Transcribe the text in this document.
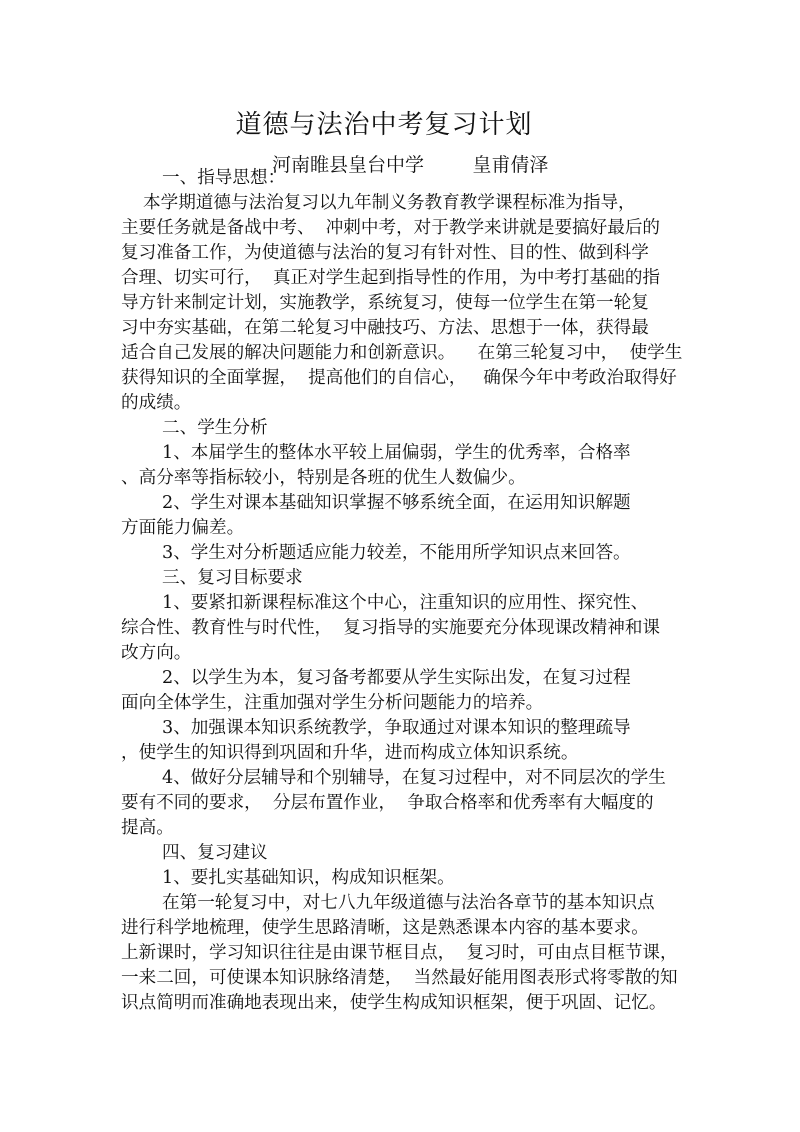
道德与法治中考复习计划
河南睢县皇台中学        皇甫倩泽
一、指导思想：
本学期道德与法治复习以九年制义务教育教学课程标准为指导，
主要任务就是备战中考、  冲刺中考，对于教学来讲就是要搞好最后的
复习准备工作，为使道德与法治的复习有针对性、目的性、做到科学
合理、切实可行，  真正对学生起到指导性的作用，为中考打基础的指
导方针来制定计划，实施教学，系统复习，使每一位学生在第一轮复
习中夯实基础，在第二轮复习中融技巧、方法、思想于一体，获得最
适合自己发展的解决问题能力和创新意识。    在第三轮复习中，  使学生
获得知识的全面掌握，  提高他们的自信心，   确保今年中考政治取得好
的成绩。
二、学生分析
1、本届学生的整体水平较上届偏弱，学生的优秀率，合格率
、高分率等指标较小，特别是各班的优生人数偏少。
2、学生对课本基础知识掌握不够系统全面，在运用知识解题
方面能力偏差。
3、学生对分析题适应能力较差，不能用所学知识点来回答。
三、复习目标要求
1、要紧扣新课程标准这个中心，注重知识的应用性、探究性、
综合性、教育性与时代性，  复习指导的实施要充分体现课改精神和课
改方向。
2、以学生为本，复习备考都要从学生实际出发，在复习过程
面向全体学生，注重加强对学生分析问题能力的培养。
3、加强课本知识系统教学，争取通过对课本知识的整理疏导
，使学生的知识得到巩固和升华，进而构成立体知识系统。
4、做好分层辅导和个别辅导，在复习过程中，对不同层次的学生
要有不同的要求，  分层布置作业，  争取合格率和优秀率有大幅度的
提高。
四、复习建议
1、要扎实基础知识，构成知识框架。
在第一轮复习中，对七八九年级道德与法治各章节的基本知识点
进行科学地梳理，使学生思路清晰，这是熟悉课本内容的基本要求。
上新课时，学习知识往往是由课节框目点，  复习时，可由点目框节课，
一来二回，可使课本知识脉络清楚，  当然最好能用图表形式将零散的知
识点简明而准确地表现出来，使学生构成知识框架，便于巩固、记忆。
